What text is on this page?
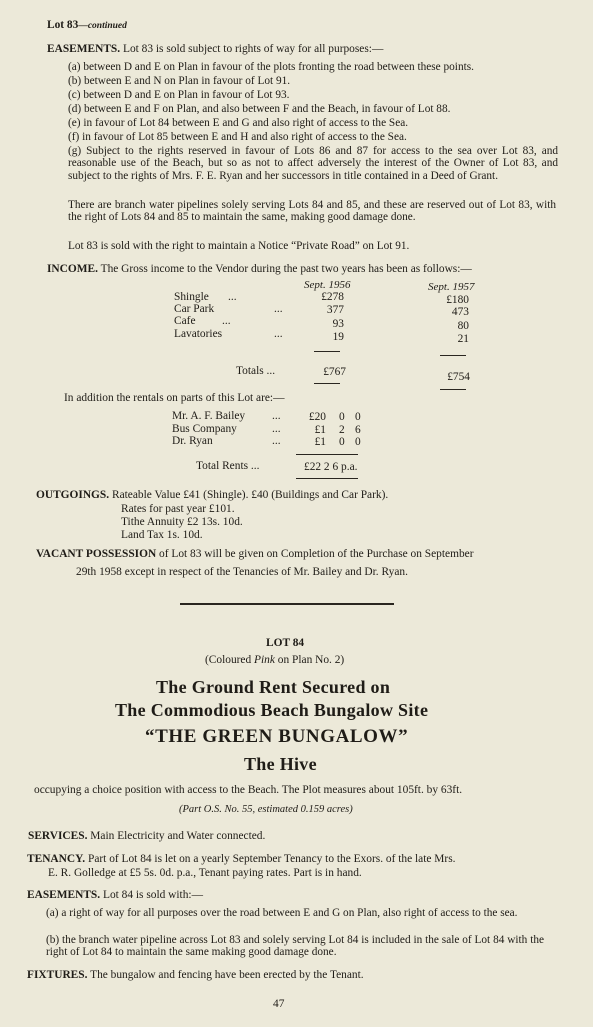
Lot 83—continued
EASEMENTS. Lot 83 is sold subject to rights of way for all purposes:—
(a) between D and E on Plan in favour of the plots fronting the road between these points.
(b) between E and N on Plan in favour of Lot 91.
(c) between D and E on Plan in favour of Lot 93.
(d) between E and F on Plan, and also between F and the Beach, in favour of Lot 88.
(e) in favour of Lot 84 between E and G and also right of access to the Sea.
(f) in favour of Lot 85 between E and H and also right of access to the Sea.
(g) Subject to the rights reserved in favour of Lots 86 and 87 for access to the sea over Lot 83, and reasonable use of the Beach, but so as not to affect adversely the interest of the Owner of Lot 83, and subject to the rights of Mrs. F. E. Ryan and her successors in title contained in a Deed of Grant.
There are branch water pipelines solely serving Lots 84 and 85, and these are reserved out of Lot 83, with the right of Lots 84 and 85 to maintain the same, making good damage done.
Lot 83 is sold with the right to maintain a Notice “Private Road” on Lot 91.
INCOME. The Gross income to the Vendor during the past two years has been as follows:—
Sept. 1956	Sept. 1957
Shingle ...	£278	£180
Car Park	...	377	473
Cafe ...	93	80
Lavatories	...	19	21
Totals ...	£767	£754
In addition the rentals on parts of this Lot are:—
Mr. A. F. Bailey ...	£20 0 0
Bus Company	...	£1 2 6
Dr. Ryan	...	£1 0 0
Total Rents ...	£22 2 6 p.a.
OUTGOINGS. Rateable Value £41 (Shingle). £40 (Buildings and Car Park).
Rates for past year £101.
Tithe Annuity £2 13s. 10d.
Land Tax 1s. 10d.
VACANT POSSESSION of Lot 83 will be given on Completion of the Purchase on September
29th 1958 except in respect of the Tenancies of Mr. Bailey and Dr. Ryan.
LOT 84
(Coloured Pink on Plan No. 2)
The Ground Rent Secured on
The Commodious Beach Bungalow Site
“THE GREEN BUNGALOW”
The Hive
occupying a choice position with access to the Beach. The Plot measures about 105ft. by 63ft.
(Part O.S. No. 55, estimated 0.159 acres)
SERVICES. Main Electricity and Water connected.
TENANCY. Part of Lot 84 is let on a yearly September Tenancy to the Exors. of the late Mrs.
E. R. Golledge at £5 5s. 0d. p.a., Tenant paying rates. Part is in hand.
EASEMENTS. Lot 84 is sold with:—
(a) a right of way for all purposes over the road between E and G on Plan, also right of access to the sea.
(b) the branch water pipeline across Lot 83 and solely serving Lot 84 is included in the sale of Lot 84 with the right of Lot 84 to maintain the same making good damage done.
FIXTURES. The bungalow and fencing have been erected by the Tenant.
47
